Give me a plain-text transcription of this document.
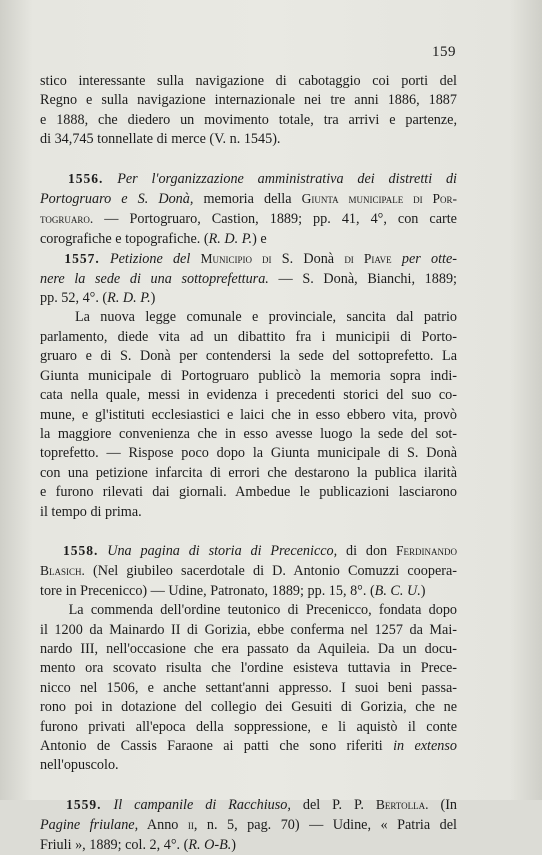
159

stico interessante sulla navigazione di cabotaggio coi porti del
Regno e sulla navigazione internazionale nei tre anni 1886, 1887
e 1888, che diedero un movimento totale, tra arrivi e partenze,
di 34,745 tonnellate di merce (V. n. 1545).

  1556. Per l'organizzazione amministrativa dei distretti di
Portogruaro e S. Donà, memoria della Giunta municipale di Por-
togruaro. — Portogruaro, Castion, 1889; pp. 41, 4°, con carte
corografiche e topografiche. (R. D. P.) e

  1557. Petizione del Municipio di S. Donà di Piave per otte-
nere la sede di una sottoprefettura. — S. Donà, Bianchi, 1889;
pp. 52, 4°. (R. D. P.)

   La nuova legge comunale e provinciale, sancita dal patrio
parlamento, diede vita ad un dibattito fra i municipii di Porto-
gruaro e di S. Donà per contendersi la sede del sottoprefetto. La
Giunta municipale di Portogruaro publicò la memoria sopra indi-
cata nella quale, messi in evidenza i precedenti storici del suo co-
mune, e gl'istituti ecclesiastici e laici che in esso ebbero vita, provò
la maggiore convenienza che in esso avesse luogo la sede del sot-
toprefetto. — Rispose poco dopo la Giunta municipale di S. Donà
con una petizione infarcita di errori che destarono la publica ilarità
e furono rilevati dai giornali. Ambedue le publicazioni lasciarono
il tempo di prima.

  1558. Una pagina di storia di Precenicco, di don Ferdinando
Blasich. (Nel giubileo sacerdotale di D. Antonio Comuzzi coopera-
tore in Precenicco) — Udine, Patronato, 1889; pp. 15, 8°. (B. C. U.)

   La commenda dell'ordine teutonico di Precenicco, fondata dopo
il 1200 da Mainardo II di Gorizia, ebbe conferma nel 1257 da Mai-
nardo III, nell'occasione che era passato da Aquileia. Da un docu-
mento ora scovato risulta che l'ordine esisteva tuttavia in Prece-
nicco nel 1506, e anche settant'anni appresso. I suoi beni passa-
rono poi in dotazione del collegio dei Gesuiti di Gorizia, che ne
furono privati all'epoca della soppressione, e li aquistò il conte
Antonio de Cassis Faraone ai patti che sono riferiti in extenso
nell'opuscolo.

  1559. Il campanile di Racchiuso, del P. P. Bertolla. (In
Pagine friulane, Anno ii, n. 5, pag. 70) — Udine, « Patria del
Friuli », 1889; col. 2, 4°. (R. O-B.)
